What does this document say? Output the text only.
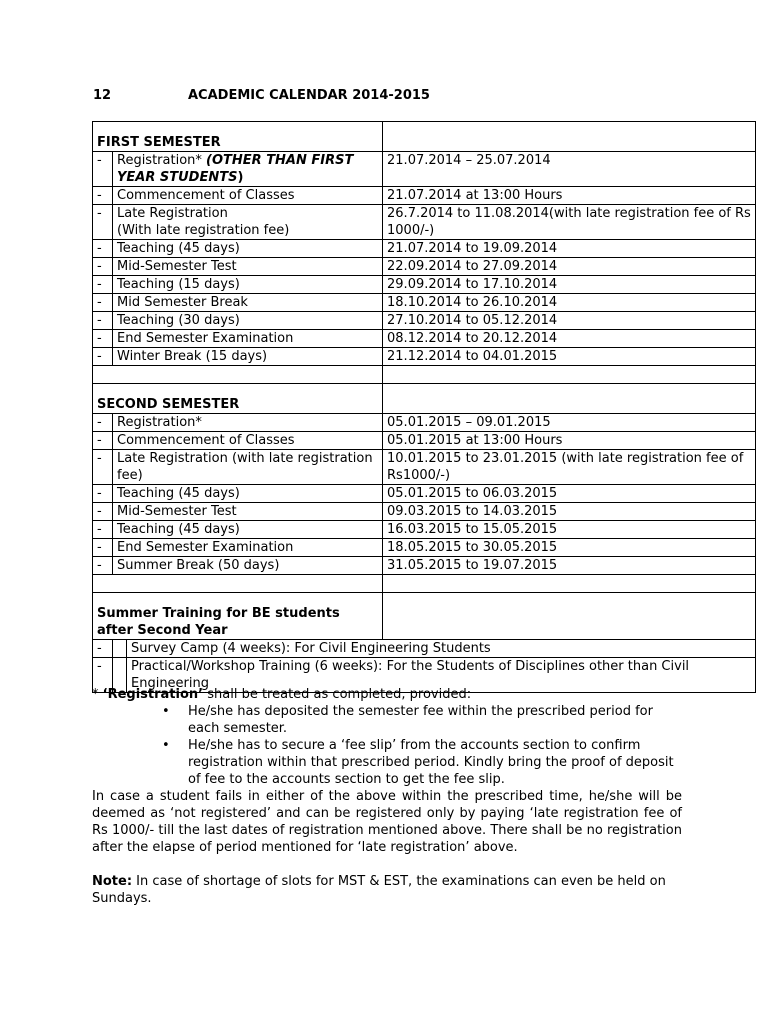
12	ACADEMIC CALENDAR 2014-2015
FIRST SEMESTER			
-	Registration* (OTHER THAN FIRST YEAR STUDENTS)		21.07.2014 – 25.07.2014
-	Commencement of Classes		21.07.2014 at 13:00 Hours
-	Late Registration
(With late registration fee)		26.7.2014 to 11.08.2014(with late registration fee of Rs 1000/-)
-	Teaching (45 days)		21.07.2014 to 19.09.2014
-	Mid-Semester Test		22.09.2014 to 27.09.2014
-	Teaching (15 days)		29.09.2014 to 17.10.2014
-	Mid Semester Break		18.10.2014 to 26.10.2014
-	Teaching (30 days)		27.10.2014 to 05.12.2014
-	End Semester Examination		08.12.2014 to 20.12.2014
-	Winter Break (15 days)		21.12.2014 to 04.01.2015

SECOND SEMESTER			
-	Registration*		05.01.2015 – 09.01.2015
-	Commencement of Classes		05.01.2015 at 13:00 Hours
-	Late Registration (with late registration fee)		10.01.2015 to 23.01.2015 (with late registration fee of Rs1000/-)
-	Teaching (45 days)		05.01.2015 to 06.03.2015
-	Mid-Semester Test		09.03.2015 to 14.03.2015
-	Teaching (45 days)		16.03.2015 to 15.05.2015
-	End Semester Examination		18.05.2015 to 30.05.2015
-	Summer Break (50 days)		31.05.2015 to 19.07.2015

Summer Training for BE students after Second Year			
-		Survey Camp (4 weeks): For Civil Engineering Students	
-		Practical/Workshop Training (6 weeks): For the Students of Disciplines other than Civil Engineering	

* ‘Registration’ shall be treated as completed, provided:

• He/she has deposited the semester fee within the prescribed period for each semester.
• He/she has to secure a ‘fee slip’ from the accounts section to confirm registration within that prescribed period. Kindly bring the proof of deposit of fee to the accounts section to get the fee slip.

In case a student fails in either of the above within the prescribed time, he/she will be deemed as ‘not registered’ and can be registered only by paying ‘late registration fee of Rs 1000/- till the last dates of registration mentioned above. There shall be no registration after the elapse of period mentioned for ‘late registration’ above.

Note: In case of shortage of slots for MST & EST, the examinations can even be held on Sundays.
